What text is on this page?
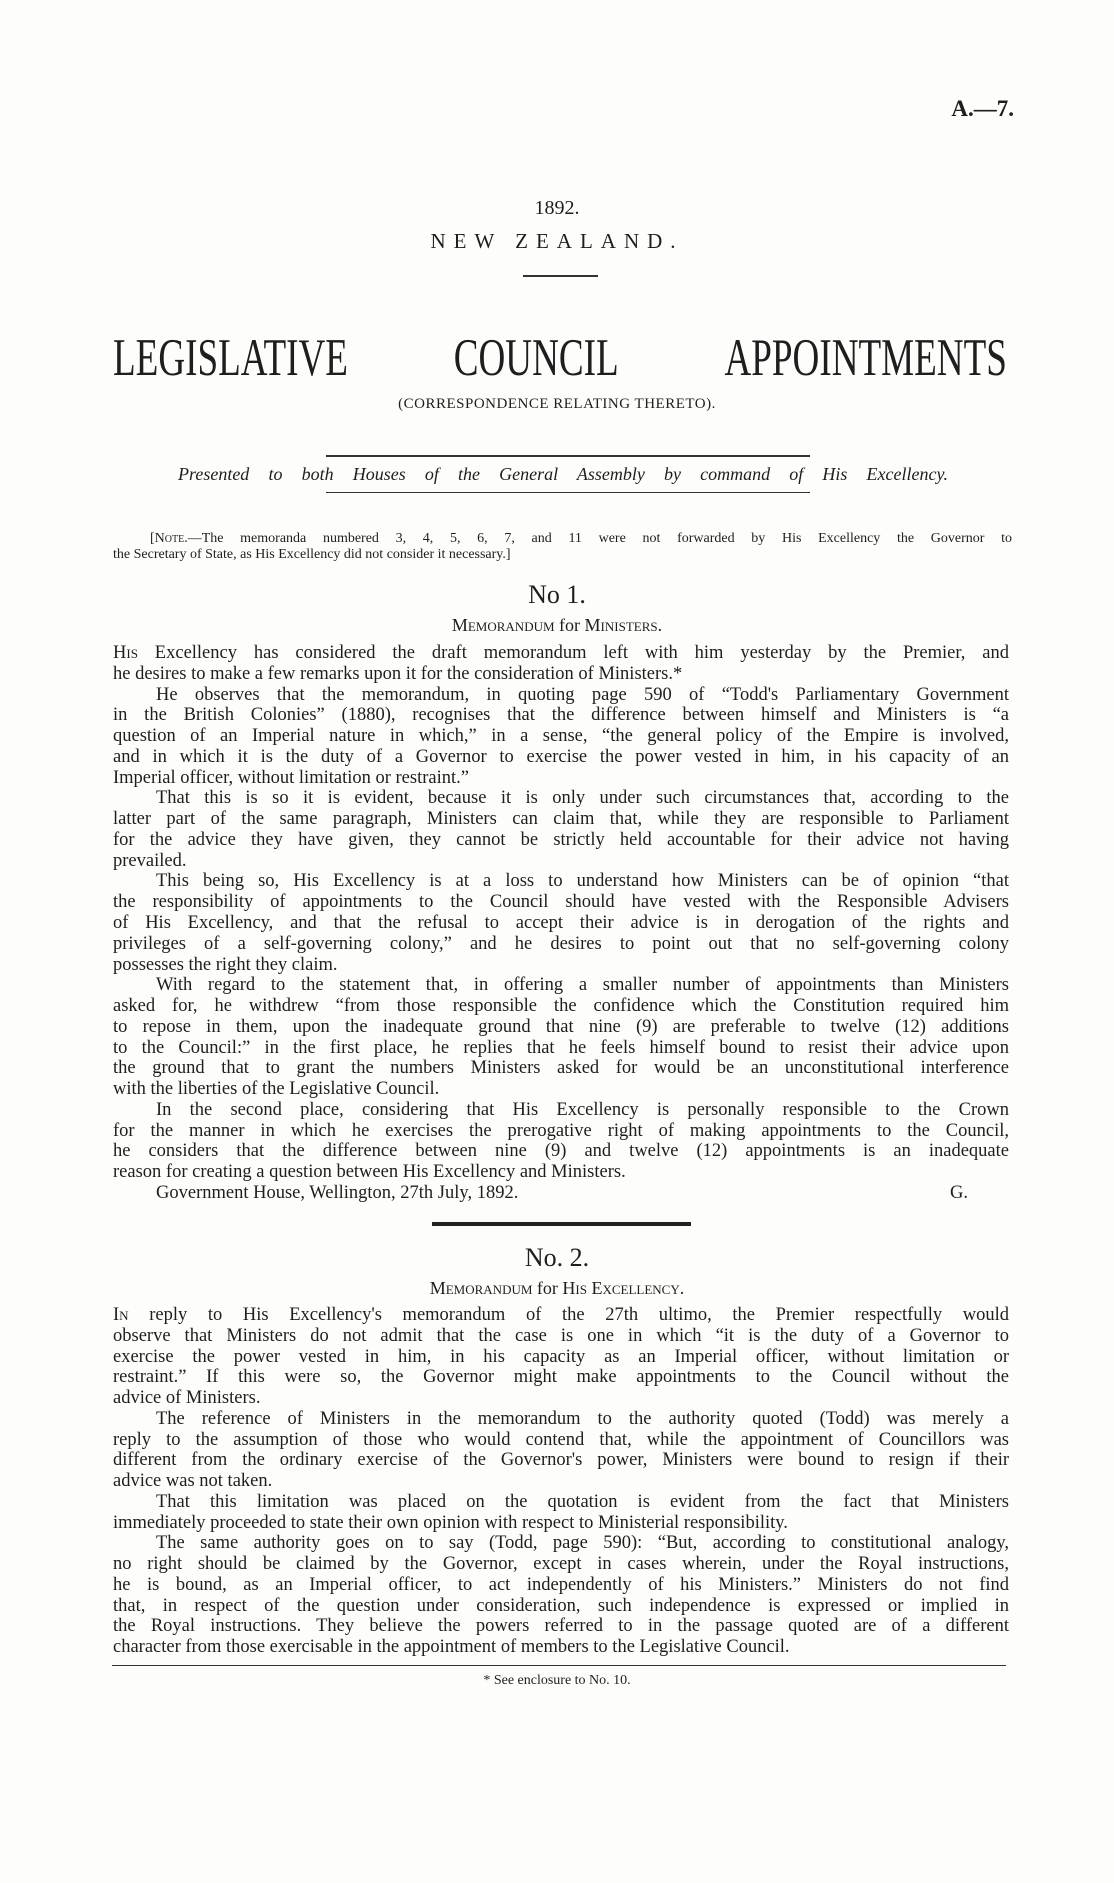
A.—7.
1892.
NEW ZEALAND.
LEGISLATIVE COUNCIL APPOINTMENTS
(CORRESPONDENCE RELATING THERETO).
Presented to both Houses of the General Assembly by command of His Excellency.
[Note.—The memoranda numbered 3, 4, 5, 6, 7, and 11 were not forwarded by His Excellency the Governor to
the Secretary of State, as His Excellency did not consider it necessary.]
No 1.
Memorandum for Ministers.
His Excellency has considered the draft memorandum left with him yesterday by the Premier, and
he desires to make a few remarks upon it for the consideration of Ministers.*
He observes that the memorandum, in quoting page 590 of “Todd's Parliamentary Government
in the British Colonies” (1880), recognises that the difference between himself and Ministers is “a
question of an Imperial nature in which,” in a sense, “the general policy of the Empire is involved,
and in which it is the duty of a Governor to exercise the power vested in him, in his capacity of an
Imperial officer, without limitation or restraint.”
That this is so it is evident, because it is only under such circumstances that, according to the
latter part of the same paragraph, Ministers can claim that, while they are responsible to Parliament
for the advice they have given, they cannot be strictly held accountable for their advice not having
prevailed.
This being so, His Excellency is at a loss to understand how Ministers can be of opinion “that
the responsibility of appointments to the Council should have vested with the Responsible Advisers
of His Excellency, and that the refusal to accept their advice is in derogation of the rights and
privileges of a self-governing colony,” and he desires to point out that no self-governing colony
possesses the right they claim.
With regard to the statement that, in offering a smaller number of appointments than Ministers
asked for, he withdrew “from those responsible the confidence which the Constitution required him
to repose in them, upon the inadequate ground that nine (9) are preferable to twelve (12) additions
to the Council:” in the first place, he replies that he feels himself bound to resist their advice upon
the ground that to grant the numbers Ministers asked for would be an unconstitutional interference
with the liberties of the Legislative Council.
In the second place, considering that His Excellency is personally responsible to the Crown
for the manner in which he exercises the prerogative right of making appointments to the Council,
he considers that the difference between nine (9) and twelve (12) appointments is an inadequate
reason for creating a question between His Excellency and Ministers.
Government House, Wellington, 27th July, 1892.	G.
No. 2.
Memorandum for His Excellency.
In reply to His Excellency's memorandum of the 27th ultimo, the Premier respectfully would
observe that Ministers do not admit that the case is one in which “it is the duty of a Governor to
exercise the power vested in him, in his capacity as an Imperial officer, without limitation or
restraint.” If this were so, the Governor might make appointments to the Council without the
advice of Ministers.
The reference of Ministers in the memorandum to the authority quoted (Todd) was merely a
reply to the assumption of those who would contend that, while the appointment of Councillors was
different from the ordinary exercise of the Governor's power, Ministers were bound to resign if their
advice was not taken.
That this limitation was placed on the quotation is evident from the fact that Ministers
immediately proceeded to state their own opinion with respect to Ministerial responsibility.
The same authority goes on to say (Todd, page 590): “But, according to constitutional analogy,
no right should be claimed by the Governor, except in cases wherein, under the Royal instructions,
he is bound, as an Imperial officer, to act independently of his Ministers.” Ministers do not find
that, in respect of the question under consideration, such independence is expressed or implied in
the Royal instructions. They believe the powers referred to in the passage quoted are of a different
character from those exercisable in the appointment of members to the Legislative Council.
* See enclosure to No. 10.
